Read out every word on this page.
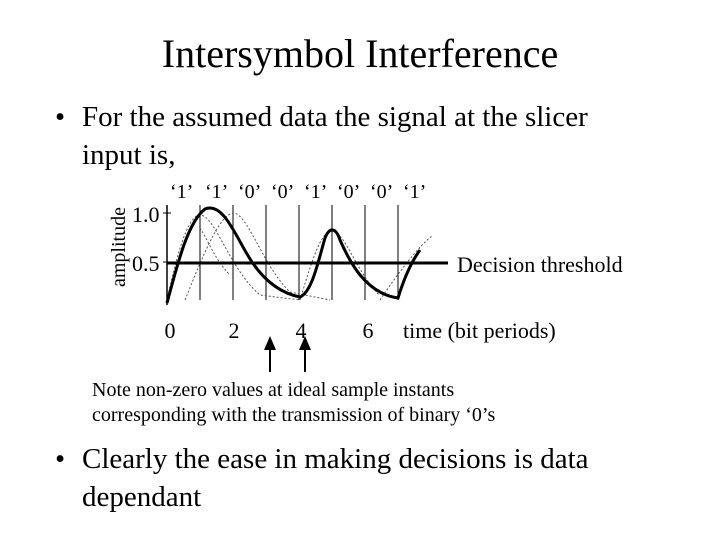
Intersymbol Interference
• For the assumed data the signal at the slicer
input is,
amplitude
‘1’ ‘1’ ‘0’ ‘0’ ‘1’ ‘0’ ‘0’ ‘1’
1.0
0.5
0 2	4	6 time (bit periods)
Decision threshold
Note non-zero values at ideal sample instants
corresponding with the transmission of binary ‘0’s
• Clearly the ease in making decisions is data
dependant
